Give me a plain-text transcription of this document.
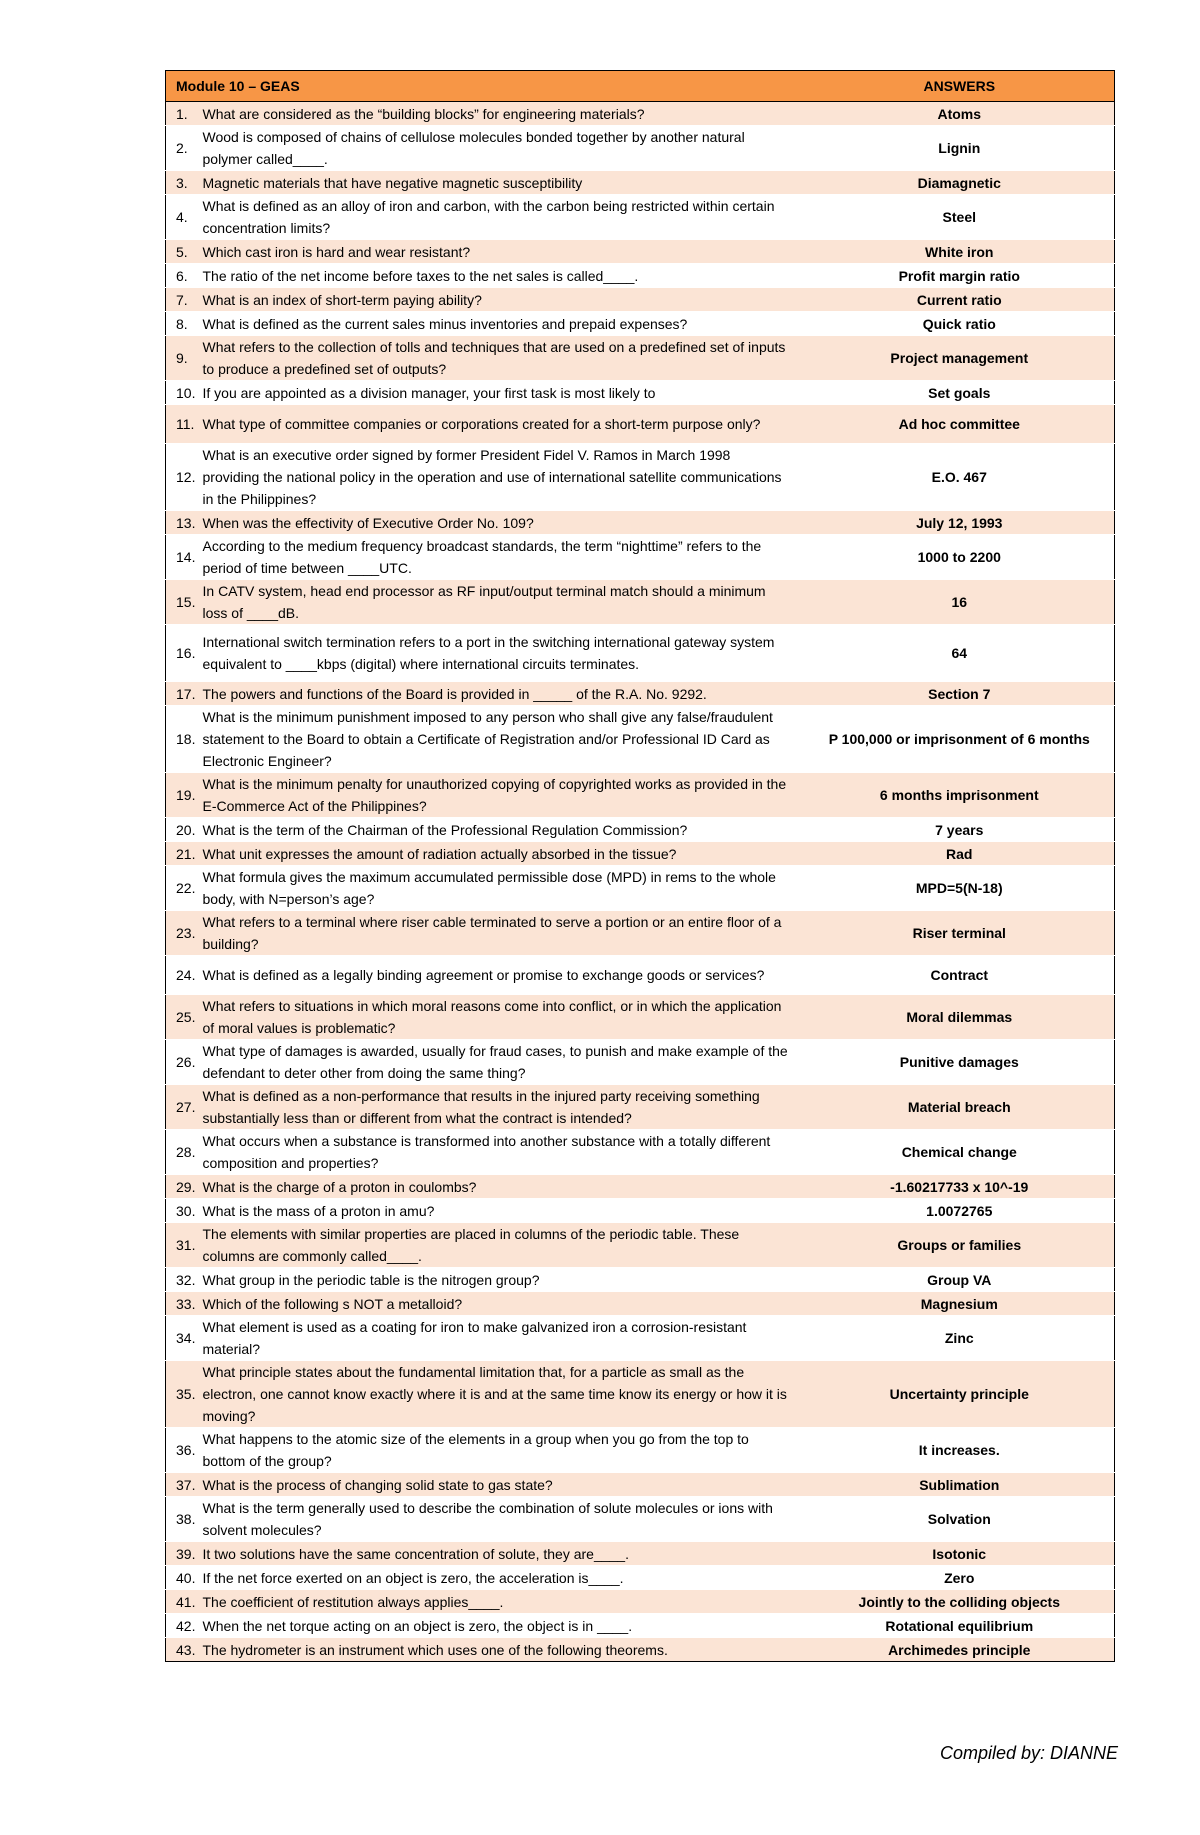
Module 10 – GEAS		ANSWERS
1.	What are considered as the “building blocks” for engineering materials?	Atoms
2.	Wood is composed of chains of cellulose molecules bonded together by another natural polymer called____.	Lignin
3.	Magnetic materials that have negative magnetic susceptibility	Diamagnetic
4.	What is defined as an alloy of iron and carbon, with the carbon being restricted within certain concentration limits?	Steel
5.	Which cast iron is hard and wear resistant?	White iron
6.	The ratio of the net income before taxes to the net sales is called____.	Profit margin ratio
7.	What is an index of short-term paying ability?	Current ratio
8.	What is defined as the current sales minus inventories and prepaid expenses?	Quick ratio
9.	What refers to the collection of tolls and techniques that are used on a predefined set of inputs to produce a predefined set of outputs?	Project management
10.	If you are appointed as a division manager, your first task is most likely to	Set goals
11.	What type of committee companies or corporations created for a short-term purpose only?	Ad hoc committee
12.	What is an executive order signed by former President Fidel V. Ramos in March 1998 providing the national policy in the operation and use of international satellite communications in the Philippines?	E.O. 467
13.	When was the effectivity of Executive Order No. 109?	July 12, 1993
14.	According to the medium frequency broadcast standards, the term “nighttime” refers to the period of time between ____UTC.	1000 to 2200
15.	In CATV system, head end processor as RF input/output terminal match should a minimum loss of ____dB.	16
16.	International switch termination refers to a port in the switching international gateway system equivalent to ____kbps (digital) where international circuits terminates.	64
17.	The powers and functions of the Board is provided in _____ of the R.A. No. 9292.	Section 7
18.	What is the minimum punishment imposed to any person who shall give any false/fraudulent statement to the Board to obtain a Certificate of Registration and/or Professional ID Card as Electronic Engineer?	P 100,000 or imprisonment of 6 months
19.	What is the minimum penalty for unauthorized copying of copyrighted works as provided in the E-Commerce Act of the Philippines?	6 months imprisonment
20.	What is the term of the Chairman of the Professional Regulation Commission?	7 years
21.	What unit expresses the amount of radiation actually absorbed in the tissue?	Rad
22.	What formula gives the maximum accumulated permissible dose (MPD) in rems to the whole body, with N=person’s age?	MPD=5(N-18)
23.	What refers to a terminal where riser cable terminated to serve a portion or an entire floor of a building?	Riser terminal
24.	What is defined as a legally binding agreement or promise to exchange goods or services?	Contract
25.	What refers to situations in which moral reasons come into conflict, or in which the application of moral values is problematic?	Moral dilemmas
26.	What type of damages is awarded, usually for fraud cases, to punish and make example of the defendant to deter other from doing the same thing?	Punitive damages
27.	What is defined as a non-performance that results in the injured party receiving something substantially less than or different from what the contract is intended?	Material breach
28.	What occurs when a substance is transformed into another substance with a totally different composition and properties?	Chemical change
29.	What is the charge of a proton in coulombs?	-1.60217733 x 10^-19
30.	What is the mass of a proton in amu?	1.0072765
31.	The elements with similar properties are placed in columns of the periodic table. These columns are commonly called____.	Groups or families
32.	What group in the periodic table is the nitrogen group?	Group VA
33.	Which of the following s NOT a metalloid?	Magnesium
34.	What element is used as a coating for iron to make galvanized iron a corrosion-resistant material?	Zinc
35.	What principle states about the fundamental limitation that, for a particle as small as the electron, one cannot know exactly where it is and at the same time know its energy or how it is moving?	Uncertainty principle
36.	What happens to the atomic size of the elements in a group when you go from the top to bottom of the group?	It increases.
37.	What is the process of changing solid state to gas state?	Sublimation
38.	What is the term generally used to describe the combination of solute molecules or ions with solvent molecules?	Solvation
39.	It two solutions have the same concentration of solute, they are____.	Isotonic
40.	If the net force exerted on an object is zero, the acceleration is____.	Zero
41.	The coefficient of restitution always applies____.	Jointly to the colliding objects
42.	When the net torque acting on an object is zero, the object is in ____.	Rotational equilibrium
43.	The hydrometer is an instrument which uses one of the following theorems.	Archimedes principle
Compiled by: DIANNE
